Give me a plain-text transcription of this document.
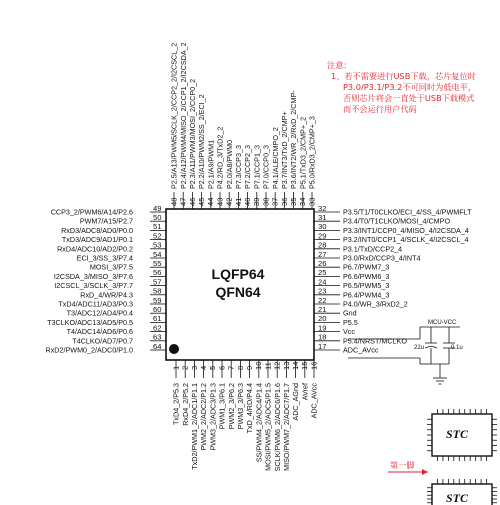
LQFP64
QFN64
49
CCP3_2/PWM6/A14/P2.6
50
PWM7/A15/P2.7
51
RxD3/ADC8/AD0/P0.0
52
TxD3/ADC9/AD1/P0.1
53
RxD4/ADC10/AD2/P0.2
54
ECI_3/SS_3/P7.4
55
MOSI_3/P7.5
56
I2CSDA_3/MISO_3/P7.6
57
I2CSCL_3/SCLK_3/P7.7
58
RxD_4/WR/P4.3
59
TxD4/ADC11/AD3/P0.3
60
T3/ADC12/AD4/P0.4
61
T3CLKO/ADC13/AD5/P0.5
62
T4/ADC14/AD6/P0.6
63
T4CLKO/AD7/P0.7
64
RxD2/PWM0_2/ADC0/P1.0
32 P3.5/T1/T0CLKO/ECI_4/SS_4/PWMFLT
31 P3.4/T0/T1CLKO/MOSI_4/CMPO
30 P3.3/INT1/CCP0_4/MISO_4/I2CSDA_4
29 P3.2/INT0/CCP1_4/SCLK_4/I2CSCL_4
28 P3.1/TxD/CCP2_4
27 P3.0/RxD/CCP3_4/INT4
26 P6.7/PWM7_3
25 P6.6/PWM6_3
24 P6.5/PWM5_3
23 P6.4/PWM4_3
22 P4.0/WR_3/RxD2_2
21 Gnd
20 P5.5
19 Vcc
18 P5.4/NRST/MCLKO
17 ADC_AVcc
48
P2.5/A13/PWM5/SCLK_2/CCP2_2/I2CSCL_2
47
P2.4/A12/PWM4/MISO_2/CCP1_2/I2CSDA_2
46
P2.3/A11/PWM3/MOSI_2/CCP0_2
45
P2.2/A10/PWM2/SS_2/ECI_2
44
P2.1/A9/PWM1
43
P4.2/RD_3/TxD2_2
42
P2.0/A8/PWM0
41
P7.3/CCP3_3
40
P7.2/CCP2_3
39
P7.1/CCP1_3
38
P7.0/CCP0_3
37
P4.1/ALE/CMPO_2
36
P3.7/INT3/TxD_2/CMP+
35
P3.6/INT2/WR_2/RxD_2/CMP-
34
P5.1/TxD3_2/CMP+_2
33
P5.0/RxD3_2/CMP+_3
1
TxD4_2/P5.3
2
RxD4_2/P5.2
3
TxD2/PWM1_2/ADC1/P1.1
4
PWM2_2/ADC2/P1.2
5
PWM3_2/ADC3/P1.3
6
PWM1_3/P6.1
7
PWM2_3/P6.2
8
PWM3_3/P6.3
9
TxD_4/RD/P4.4
10
SS/PWM4_2/ADC4/P1.4
11
MOSI/PWM5_2/ADC5/P1.5
12
SCLK/PWM6_2/ADC6/P1.6
13
MISO/PWM7_2/ADC7/P1.7
14
ADC_AGnd
15
AVref
16
ADC_AVcc
注意：
1、若不需要进行USB下载，芯片复位时
P3.0/P3.1/P3.2不可同时为低电平，
否则芯片将会一直处于USB下载模式
而不会运行用户代码
MCU-VCC
22u	0.1u
STC
STC
第一脚
